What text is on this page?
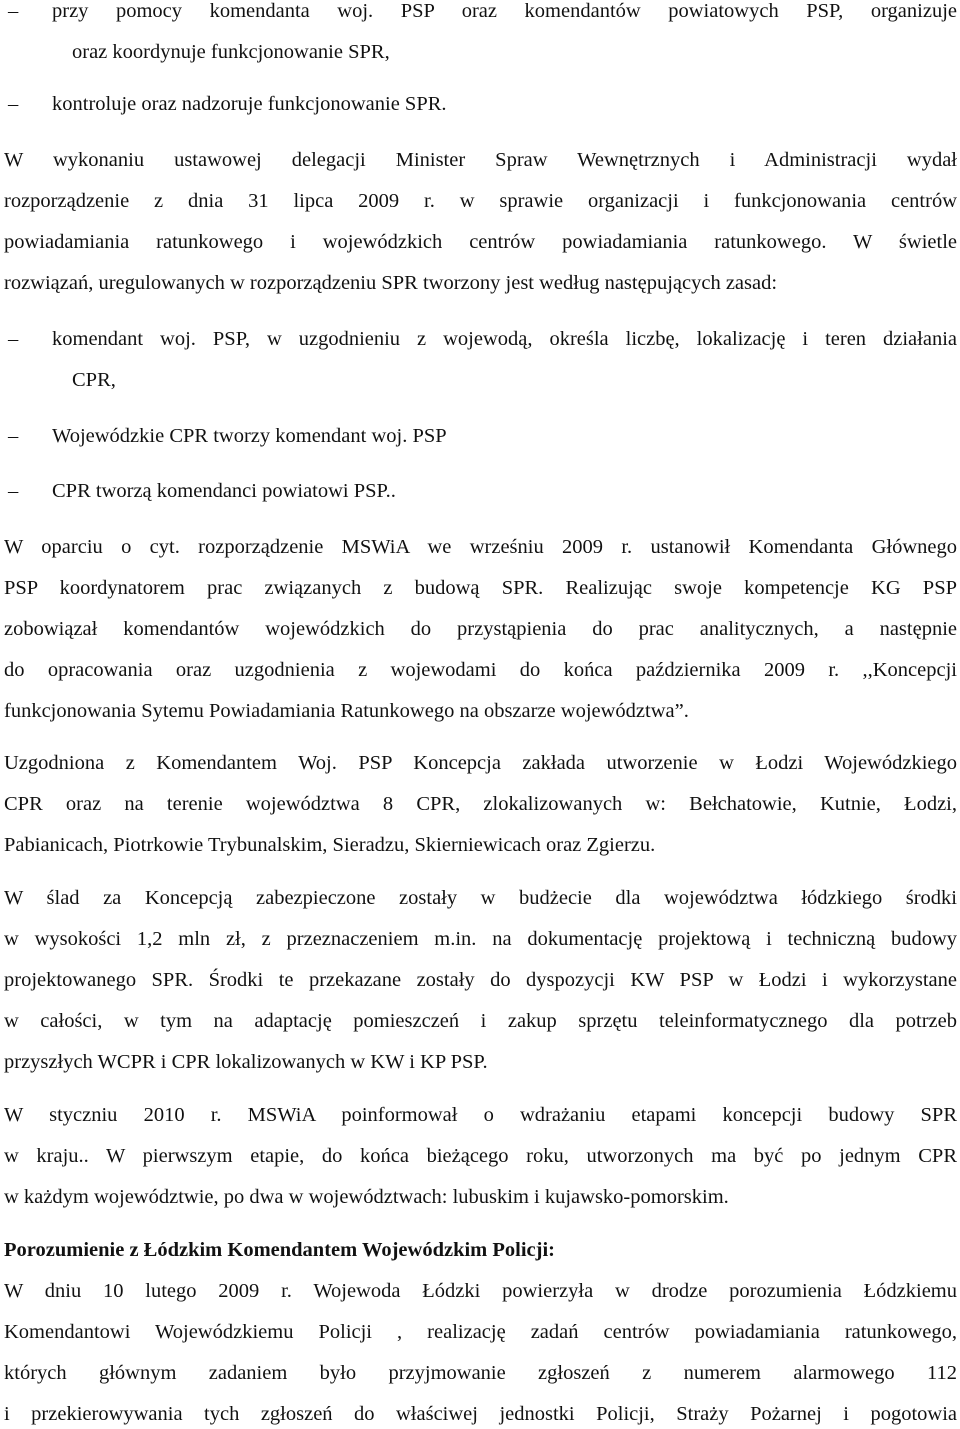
– przy pomocy komendanta woj. PSP oraz komendantów powiatowych PSP, organizuje
oraz koordynuje funkcjonowanie SPR,
– kontroluje oraz nadzoruje funkcjonowanie SPR.
W wykonaniu ustawowej delegacji Minister Spraw Wewnętrznych i Administracji wydał
rozporządzenie z dnia 31 lipca 2009 r. w sprawie organizacji i funkcjonowania centrów
powiadamiania ratunkowego i wojewódzkich centrów powiadamiania ratunkowego. W świetle
rozwiązań, uregulowanych w rozporządzeniu SPR tworzony jest według następujących zasad:
– komendant woj. PSP, w uzgodnieniu z wojewodą, określa liczbę, lokalizację i teren działania
CPR,
– Wojewódzkie CPR tworzy komendant woj. PSP
– CPR tworzą komendanci powiatowi PSP..
W oparciu o cyt. rozporządzenie MSWiA we wrześniu 2009 r. ustanowił Komendanta Głównego
PSP koordynatorem prac związanych z budową SPR. Realizując swoje kompetencje KG PSP
zobowiązał komendantów wojewódzkich do przystąpienia do prac analitycznych, a następnie
do opracowania oraz uzgodnienia z wojewodami do końca października 2009 r. ,,Koncepcji
funkcjonowania Sytemu Powiadamiania Ratunkowego na obszarze województwa”.
Uzgodniona z Komendantem Woj. PSP Koncepcja zakłada utworzenie w Łodzi Wojewódzkiego
CPR oraz na terenie województwa 8 CPR, zlokalizowanych w: Bełchatowie, Kutnie, Łodzi,
Pabianicach, Piotrkowie Trybunalskim, Sieradzu, Skierniewicach oraz Zgierzu.
W ślad za Koncepcją zabezpieczone zostały w budżecie dla województwa łódzkiego środki
w wysokości 1,2 mln zł, z przeznaczeniem m.in. na dokumentację projektową i techniczną budowy
projektowanego SPR. Środki te przekazane zostały do dyspozycji KW PSP w Łodzi i wykorzystane
w całości, w tym na adaptację pomieszczeń i zakup sprzętu teleinformatycznego dla potrzeb
przyszłych WCPR i CPR lokalizowanych w KW i KP PSP.
W styczniu 2010 r. MSWiA poinformował o wdrażaniu etapami koncepcji budowy SPR
w kraju.. W pierwszym etapie, do końca bieżącego roku, utworzonych ma być po jednym CPR
w każdym województwie, po dwa w województwach: lubuskim i kujawsko-pomorskim.
Porozumienie z Łódzkim Komendantem Wojewódzkim Policji:
W dniu 10 lutego 2009 r. Wojewoda Łódzki powierzyła w drodze porozumienia Łódzkiemu
Komendantowi Wojewódzkiemu Policji , realizację zadań centrów powiadamiania ratunkowego,
których głównym zadaniem było przyjmowanie zgłoszeń z numerem alarmowego 112
i przekierowywania tych zgłoszeń do właściwej jednostki Policji, Straży Pożarnej i pogotowia
